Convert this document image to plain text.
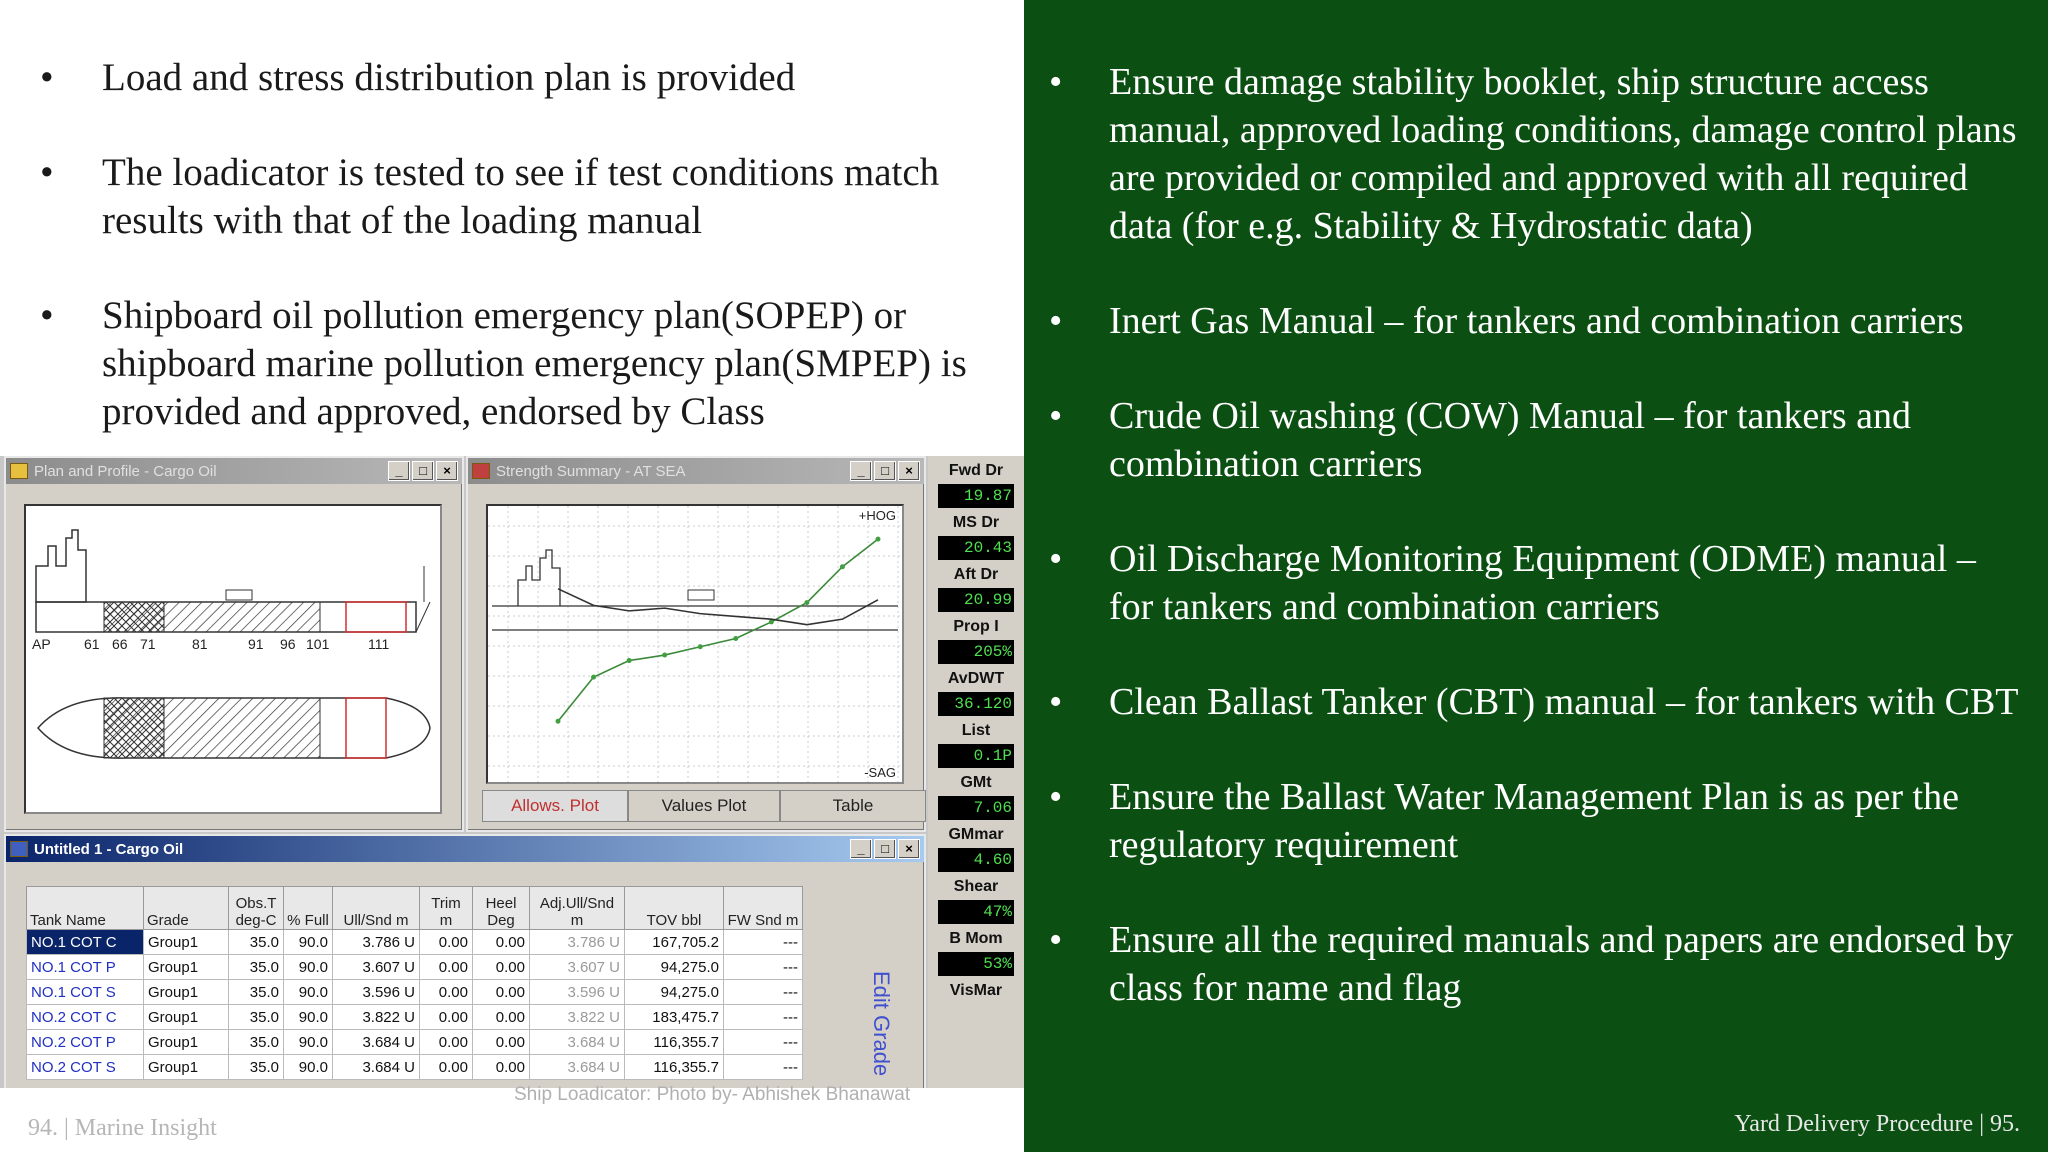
• Load and stress distribution plan is provided
• The loadicator is tested to see if test conditions match results with that of the loading manual
• Shipboard oil pollution emergency plan(SOPEP) or shipboard marine pollution emergency plan(SMPEP) is provided and approved, endorsed by Class
Plan and Profile - Cargo Oil	_	□	×
AP	61 66 71	81	91	96 101	111
Strength Summary - AT SEA	_	□	×
+HOG
-SAG
Allows. Plot	Values Plot	Table
Untitled 1 - Cargo Oil	_	□	×
Tank Name	Grade	Obs.T deg-C	% Full	Ull/Snd m	Trim m	Heel Deg	Adj.Ull/Snd m	TOV bbl	FW Snd m
NO.1 COT C	Group1	35.0	90.0	3.786 U	0.00	0.00	3.786 U	167,705.2	---
NO.1 COT P	Group1	35.0	90.0	3.607 U	0.00	0.00	3.607 U	94,275.0	---
NO.1 COT S	Group1	35.0	90.0	3.596 U	0.00	0.00	3.596 U	94,275.0	---
NO.2 COT C	Group1	35.0	90.0	3.822 U	0.00	0.00	3.822 U	183,475.7	---
NO.2 COT P	Group1	35.0	90.0	3.684 U	0.00	0.00	3.684 U	116,355.7	---
NO.2 COT S	Group1	35.0	90.0	3.684 U	0.00	0.00	3.684 U	116,355.7	---	Edit Grade
Fwd Dr
19.87
MS Dr
20.43
Aft Dr
20.99
Prop I
205%
AvDWT
36.120
List
0.1P
GMt
7.06
GMmar
4.60
Shear
47%
B Mom
53%
VisMar
Ship Loadicator: Photo by- Abhishek Bhanawat
94. | Marine Insight
• Ensure damage stability booklet, ship structure access manual, approved loading conditions, damage control plans are provided or compiled and approved with all required data (for e.g. Stability & Hydrostatic data)
• Inert Gas Manual – for tankers and combination carriers
• Crude Oil washing (COW) Manual – for tankers and combination carriers
• Oil Discharge Monitoring Equipment (ODME) manual – for tankers and combination carriers
• Clean Ballast Tanker (CBT) manual – for tankers with CBT
• Ensure the Ballast Water Management Plan is as per the regulatory requirement
• Ensure all the required manuals and papers are endorsed by class for name and flag
Yard Delivery Procedure | 95.
